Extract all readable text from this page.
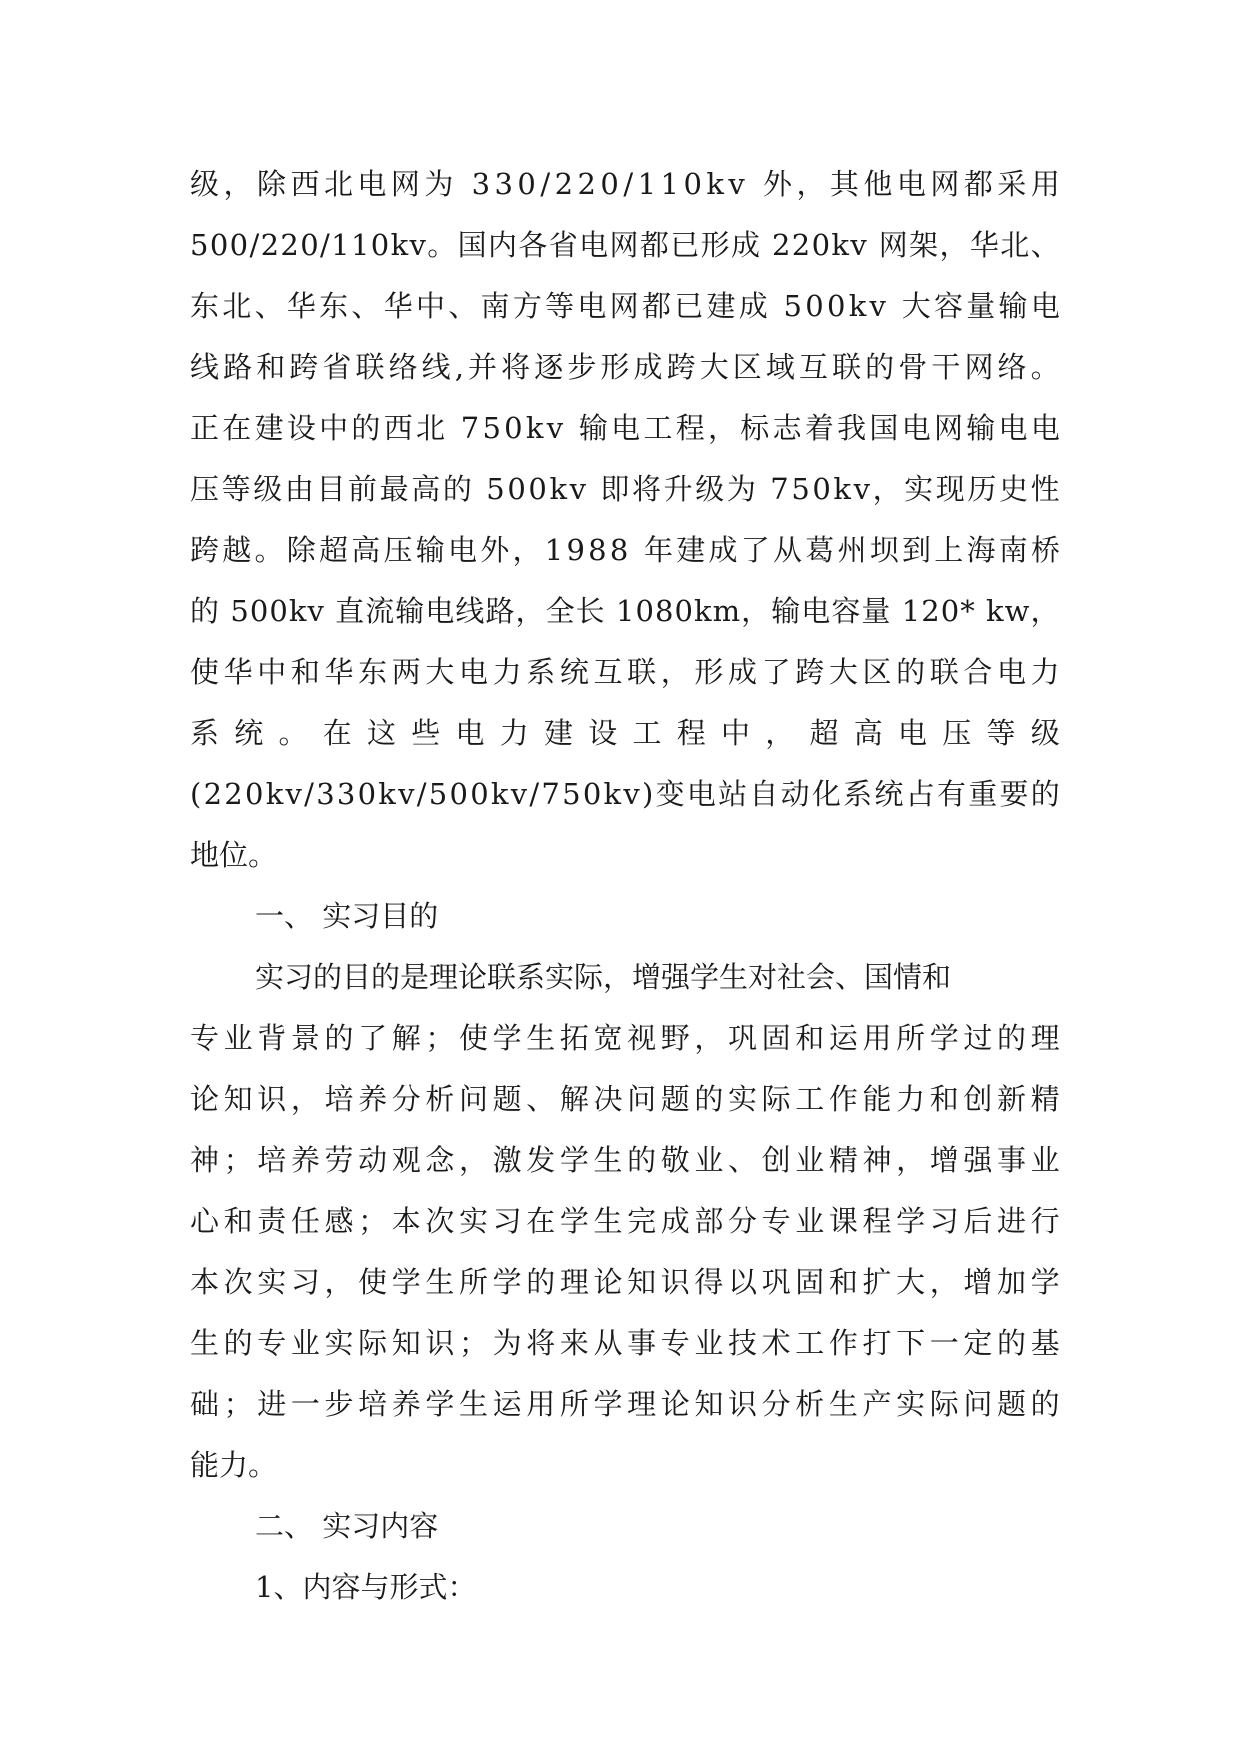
级 ， 除 西 北 电 网 为
3 3 0 / 2 2 0 / 1 1 0 k v
外 ， 其 他 电 网 都 采 用
5 0 0 / 2 2 0 / 1 1 0 k v 。 国 内 各 省 电 网 都 已 形 成
2 2 0 k v
网 架 ， 华 北 、
东 北 、 华 东 、 华 中 、 南 方 等 电 网 都 已 建 成
5 0 0 k v
大 容 量 输 电
线 路 和 跨 省 联 络 线 , 并 将 逐 步 形 成 跨 大 区 域 互 联 的 骨 干 网 络 。
正 在 建 设 中 的 西 北
7 5 0 k v
输 电 工 程 ， 标 志 着 我 国 电 网 输 电 电
压 等 级 由 目 前 最 高 的
5 0 0 k v
即 将 升 级 为
7 5 0 k v ， 实 现 历 史 性
跨 越 。 除 超 高 压 输 电 外 ， 1 9 8 8
年 建 成 了 从 葛 州 坝 到 上 海 南 桥
的
5 0 0 k v
直 流 输 电 线 路 ， 全 长
1 0 8 0 k m ， 输 电 容 量
1 2 0 *
k w ，
使 华 中 和 华 东 两 大 电 力 系 统 互 联 ， 形 成 了 跨 大 区 的 联 合 电 力
系 统 。 在 这 些 电 力 建 设 工 程 中 ， 超 高 电 压 等 级
( 2 2 0 k v / 3 3 0 k v / 5 0 0 k v / 7 5 0 k v ) 变 电 站 自 动 化 系 统 占 有 重 要 的
地位。
一、 实习目的
实习的目的是理论联系实际，增强学生对社会、国情和
专 业 背 景 的 了 解 ； 使 学 生 拓 宽 视 野 ， 巩 固 和 运 用 所 学 过 的 理
论 知 识 ， 培 养 分 析 问 题 、 解 决 问 题 的 实 际 工 作 能 力 和 创 新 精
神 ； 培 养 劳 动 观 念 ， 激 发 学 生 的 敬 业 、 创 业 精 神 ， 增 强 事 业
心 和 责 任 感 ； 本 次 实 习 在 学 生 完 成 部 分 专 业 课 程 学 习 后 进 行
本 次 实 习 ， 使 学 生 所 学 的 理 论 知 识 得 以 巩 固 和 扩 大 ， 增 加 学
生 的 专 业 实 际 知 识 ； 为 将 来 从 事 专 业 技 术 工 作 打 下 一 定 的 基
础 ； 进 一 步 培 养 学 生 运 用 所 学 理 论 知 识 分 析 生 产 实 际 问 题 的
能力。
二、 实习内容
1、内容与形式：
